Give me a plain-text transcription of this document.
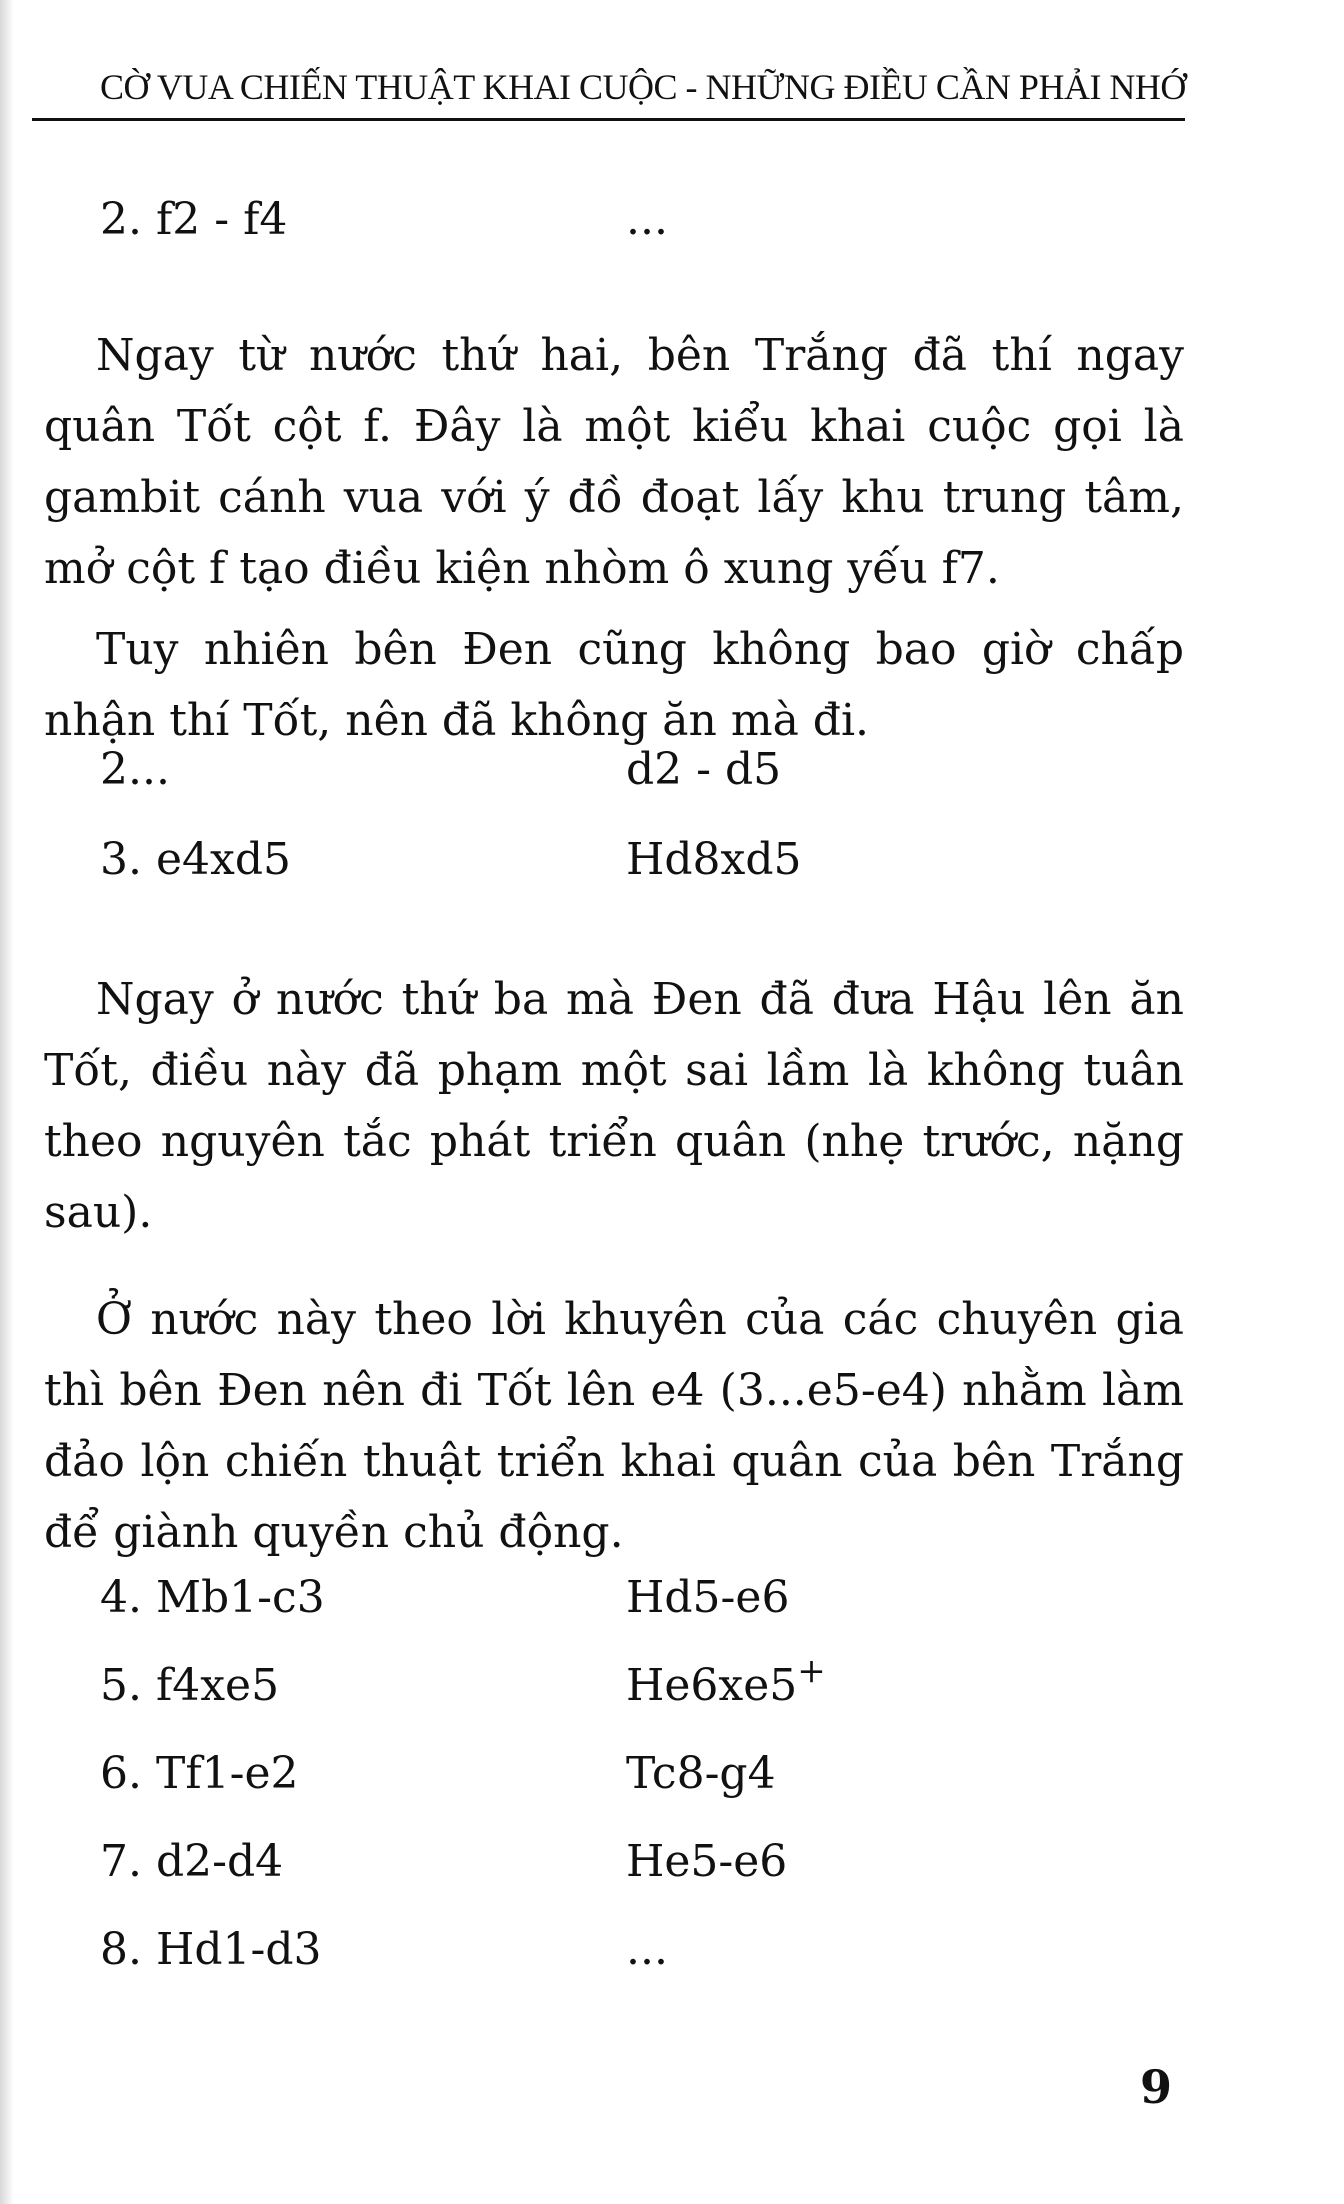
CỜ VUA CHIẾN THUẬT KHAI CUỘC - NHỮNG ĐIỀU CẦN PHẢI NHỚ
2. f2 - f4	...

Ngay từ nước thứ hai, bên Trắng đã thí ngay quân Tốt cột f. Đây là một kiểu khai cuộc gọi là gambit cánh vua với ý đồ đoạt lấy khu trung tâm, mở cột f tạo điều kiện nhòm ô xung yếu f7.

Tuy nhiên bên Đen cũng không bao giờ chấp nhận thí Tốt, nên đã không ăn mà đi.

2...	d2 - d5
3. e4xd5	Hd8xd5

Ngay ở nước thứ ba mà Đen đã đưa Hậu lên ăn Tốt, điều này đã phạm một sai lầm là không tuân theo nguyên tắc phát triển quân (nhẹ trước, nặng sau).

Ở nước này theo lời khuyên của các chuyên gia thì bên Đen nên đi Tốt lên e4 (3...e5-e4) nhằm làm đảo lộn chiến thuật triển khai quân của bên Trắng để giành quyền chủ động.

4. Mb1-c3	Hd5-e6
5. f4xe5	He6xe5+
6. Tf1-e2	Tc8-g4
7. d2-d4	He5-e6
8. Hd1-d3	...
9
